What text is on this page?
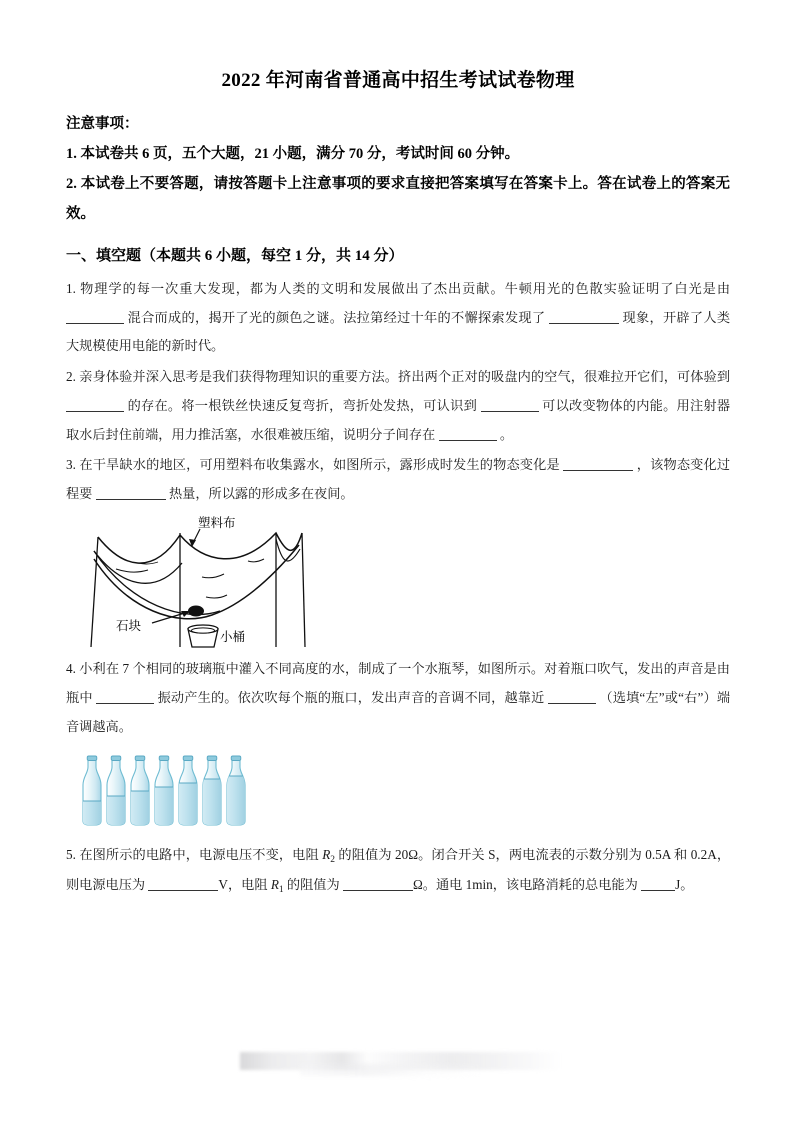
2022 年河南省普通高中招生考试试卷物理
注意事项：
1. 本试卷共 6 页，五个大题，21 小题，满分 70 分，考试时间 60 分钟。
2. 本试卷上不要答题，请按答题卡上注意事项的要求直接把答案填写在答案卡上。答在试卷上的答案无效。
一、填空题（本题共 6 小题，每空 1 分，共 14 分）
1. 物理学的每一次重大发现，都为人类的文明和发展做出了杰出贡献。牛顿用光的色散实验证明了白光是由  混合而成的，揭开了光的颜色之谜。法拉第经过十年的不懈探索发现了	现象，开辟了人类大规模使用电能的新时代。
2. 亲身体验并深入思考是我们获得物理知识的重要方法。挤出两个正对的吸盘内的空气，很难拉开它们，可体验到  的存在。将一根铁丝快速反复弯折，弯折处发热，可认识到	可以改变物体的内能。用注射器取水后封住前端，用力推活塞，水很难被压缩，说明分子间存在	。
3. 在干旱缺水的地区，可用塑料布收集露水，如图所示，露形成时发生的物态变化是	，该物态变化过程要	热量，所以露的形成多在夜间。
塑料布
石块
小桶
4. 小利在 7 个相同的玻璃瓶中灌入不同高度的水，制成了一个水瓶琴，如图所示。对着瓶口吹气，发出的声音是由瓶中	振动产生的。依次吹每个瓶的瓶口，发出声音的音调不同，越靠近	（选填“左”或“右”）端音调越高。
5. 在图所示的电路中，电源电压不变，电阻 $R_2$ 的阻值为 20Ω。闭合开关 S，两电流表的示数分别为 0.5A 和 0.2A，则电源电压为	V，电阻 $R_1$ 的阻值为	Ω。通电 1min，该电路消耗的总电能为	J。
